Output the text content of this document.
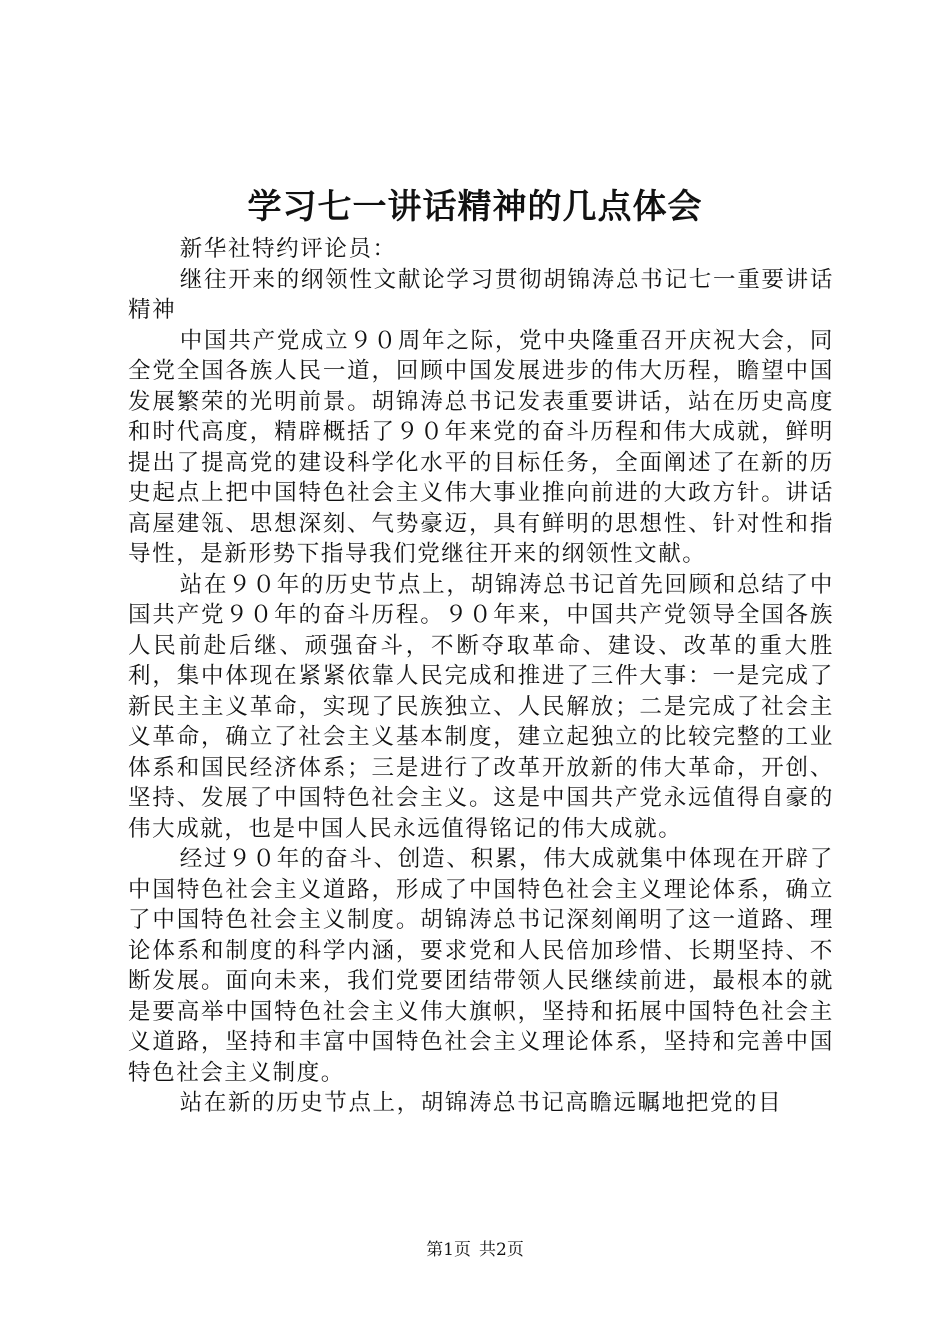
学习七一讲话精神的几点体会

新华社特约评论员：

继往开来的纲领性文献论学习贯彻胡锦涛总书记七一重要讲话精神

中国共产党成立９０周年之际，党中央隆重召开庆祝大会，同全党全国各族人民一道，回顾中国发展进步的伟大历程，瞻望中国发展繁荣的光明前景。胡锦涛总书记发表重要讲话，站在历史高度和时代高度，精辟概括了９０年来党的奋斗历程和伟大成就，鲜明提出了提高党的建设科学化水平的目标任务，全面阐述了在新的历史起点上把中国特色社会主义伟大事业推向前进的大政方针。讲话高屋建瓴、思想深刻、气势豪迈，具有鲜明的思想性、针对性和指导性，是新形势下指导我们党继往开来的纲领性文献。

站在９０年的历史节点上，胡锦涛总书记首先回顾和总结了中国共产党９０年的奋斗历程。９０年来，中国共产党领导全国各族人民前赴后继、顽强奋斗，不断夺取革命、建设、改革的重大胜利，集中体现在紧紧依靠人民完成和推进了三件大事：一是完成了新民主主义革命，实现了民族独立、人民解放；二是完成了社会主义革命，确立了社会主义基本制度，建立起独立的比较完整的工业体系和国民经济体系；三是进行了改革开放新的伟大革命，开创、坚持、发展了中国特色社会主义。这是中国共产党永远值得自豪的伟大成就，也是中国人民永远值得铭记的伟大成就。

经过９０年的奋斗、创造、积累，伟大成就集中体现在开辟了中国特色社会主义道路，形成了中国特色社会主义理论体系，确立了中国特色社会主义制度。胡锦涛总书记深刻阐明了这一道路、理论体系和制度的科学内涵，要求党和人民倍加珍惜、长期坚持、不断发展。面向未来，我们党要团结带领人民继续前进，最根本的就是要高举中国特色社会主义伟大旗帜，坚持和拓展中国特色社会主义道路，坚持和丰富中国特色社会主义理论体系，坚持和完善中国特色社会主义制度。

站在新的历史节点上，胡锦涛总书记高瞻远瞩地把党的目

第1页 共2页
